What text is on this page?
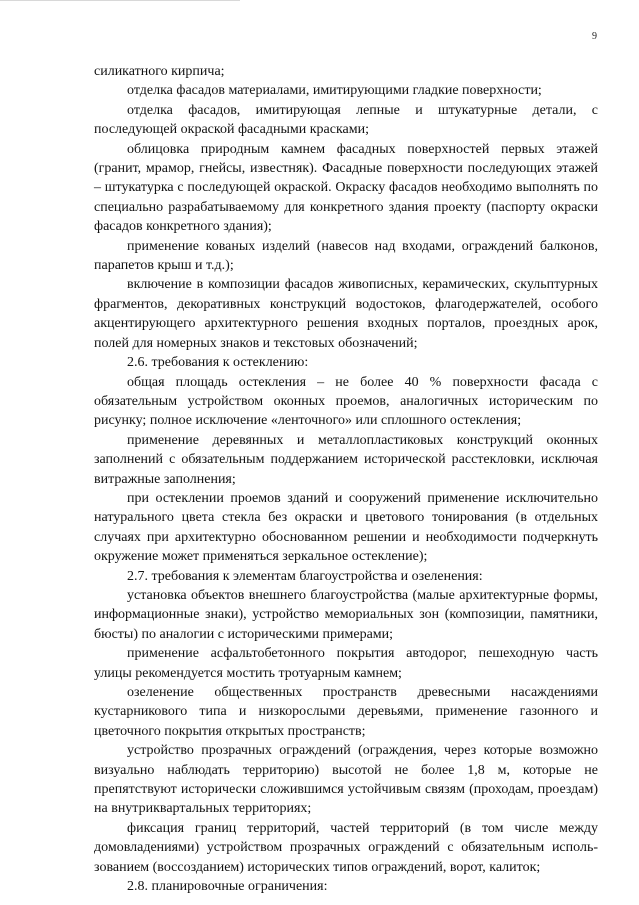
9

силикатного кирпича;

отделка фасадов материалами, имитирующими гладкие поверхности;

отделка фасадов, имитирующая лепные и штукатурные детали, с последующей окраской фасадными красками;

облицовка природным камнем фасадных поверхностей первых этажей (гранит, мрамор, гнейсы, известняк). Фасадные поверхности последующих этажей – штукатурка с последующей окраской. Окраску фасадов необходимо выполнять по специально разрабатываемому для конкретного здания проекту (паспорту окраски фасадов конкретного здания);

применение кованых изделий (навесов над входами, ограждений балконов, парапетов крыш и т.д.);

включение в композиции фасадов живописных, керамических, скульптурных фрагментов, декоративных конструкций водостоков, флагодержателей, особого акцентирующего архитектурного решения входных порталов, проездных арок, полей для номерных знаков и текстовых обозначений;

2.6. требования к остеклению:

общая площадь остекления – не более 40 % поверхности фасада с обязательным устройством оконных проемов, аналогичных историческим по рисунку; полное исключение «ленточного» или сплошного остекления;

применение деревянных и металлопластиковых конструкций оконных заполнений с обязательным поддержанием исторической расстекловки, исключая витражные заполнения;

при остеклении проемов зданий и сооружений применение исключительно натурального цвета стекла без окраски и цветового тонирования (в отдельных случаях при архитектурно обоснованном решении и необходимости подчеркнуть окружение может применяться зеркальное остекление);

2.7. требования к элементам благоустройства и озеленения:

установка объектов внешнего благоустройства (малые архитектурные формы, информационные знаки), устройство мемориальных зон (композиции, памятники, бюсты) по аналогии с историческими примерами;

применение асфальтобетонного покрытия автодорог, пешеходную часть улицы рекомендуется мостить тротуарным камнем;

озеленение общественных пространств древесными насаждениями кустарникового типа и низкорослыми деревьями, применение газонного и цветочного покрытия открытых пространств;

устройство прозрачных ограждений (ограждения, через которые возможно визуально наблюдать территорию) высотой не более 1,8 м, которые не препятствуют исторически сложившимся устойчивым связям (проходам, проездам) на внутриквартальных территориях;

фиксация границ территорий, частей территорий (в том числе между домовладениями) устройством прозрачных ограждений с обязательным исполь-зованием (воссозданием) исторических типов ограждений, ворот, калиток;

2.8. планировочные ограничения:
